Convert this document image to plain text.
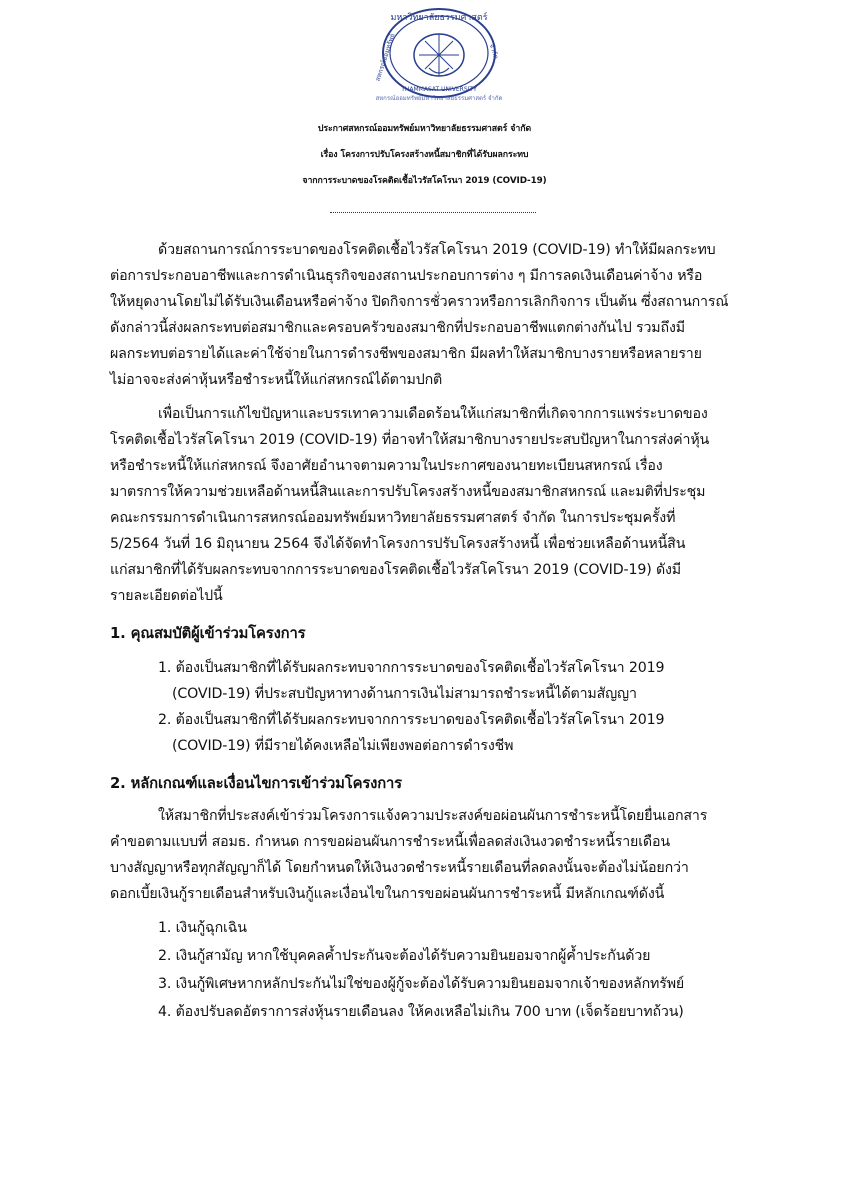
มหาวิทยาลัยธรรมศาสตร์
THAMMASAT UNIVERSITY
สหกรณ์ออมทรัพย์	จำกัด
สหกรณ์ออมทรัพย์มหาวิทยาลัยธรรมศาสตร์ จำกัด
ประกาศสหกรณ์ออมทรัพย์มหาวิทยาลัยธรรมศาสตร์ จำกัด
เรื่อง โครงการปรับโครงสร้างหนี้สมาชิกที่ได้รับผลกระทบ
จากการระบาดของโรคติดเชื้อไวรัสโคโรนา 2019 (COVID-19)
ด้วยสถานการณ์การระบาดของโรคติดเชื้อไวรัสโคโรนา 2019 (COVID-19) ทำให้มีผลกระทบ
ต่อการประกอบอาชีพและการดำเนินธุรกิจของสถานประกอบการต่าง ๆ มีการลดเงินเดือนค่าจ้าง หรือ
ให้หยุดงานโดยไม่ได้รับเงินเดือนหรือค่าจ้าง ปิดกิจการชั่วคราวหรือการเลิกกิจการ เป็นต้น ซึ่งสถานการณ์
ดังกล่าวนี้ส่งผลกระทบต่อสมาชิกและครอบครัวของสมาชิกที่ประกอบอาชีพแตกต่างกันไป รวมถึงมี
ผลกระทบต่อรายได้และค่าใช้จ่ายในการดำรงชีพของสมาชิก มีผลทำให้สมาชิกบางรายหรือหลายราย
ไม่อาจจะส่งค่าหุ้นหรือชำระหนี้ให้แก่สหกรณ์ได้ตามปกติ
เพื่อเป็นการแก้ไขปัญหาและบรรเทาความเดือดร้อนให้แก่สมาชิกที่เกิดจากการแพร่ระบาดของ
โรคติดเชื้อไวรัสโคโรนา 2019 (COVID-19) ที่อาจทำให้สมาชิกบางรายประสบปัญหาในการส่งค่าหุ้น
หรือชำระหนี้ให้แก่สหกรณ์ จึงอาศัยอำนาจตามความในประกาศของนายทะเบียนสหกรณ์ เรื่อง
มาตรการให้ความช่วยเหลือด้านหนี้สินและการปรับโครงสร้างหนี้ของสมาชิกสหกรณ์ และมติที่ประชุม
คณะกรรมการดำเนินการสหกรณ์ออมทรัพย์มหาวิทยาลัยธรรมศาสตร์ จำกัด ในการประชุมครั้งที่
5/2564 วันที่ 16 มิถุนายน 2564 จึงได้จัดทำโครงการปรับโครงสร้างหนี้ เพื่อช่วยเหลือด้านหนี้สิน
แก่สมาชิกที่ได้รับผลกระทบจากการระบาดของโรคติดเชื้อไวรัสโคโรนา 2019 (COVID-19) ดังมี
รายละเอียดต่อไปนี้
1. คุณสมบัติผู้เข้าร่วมโครงการ
1. ต้องเป็นสมาชิกที่ได้รับผลกระทบจากการระบาดของโรคติดเชื้อไวรัสโคโรนา 2019
(COVID-19) ที่ประสบปัญหาทางด้านการเงินไม่สามารถชำระหนี้ได้ตามสัญญา
2. ต้องเป็นสมาชิกที่ได้รับผลกระทบจากการระบาดของโรคติดเชื้อไวรัสโคโรนา 2019
(COVID-19) ที่มีรายได้คงเหลือไม่เพียงพอต่อการดำรงชีพ
2. หลักเกณฑ์และเงื่อนไขการเข้าร่วมโครงการ
ให้สมาชิกที่ประสงค์เข้าร่วมโครงการแจ้งความประสงค์ขอผ่อนผันการชำระหนี้โดยยื่นเอกสาร
คำขอตามแบบที่ สอมธ. กำหนด การขอผ่อนผันการชำระหนี้เพื่อลดส่งเงินงวดชำระหนี้รายเดือน
บางสัญญาหรือทุกสัญญาก็ได้ โดยกำหนดให้เงินงวดชำระหนี้รายเดือนที่ลดลงนั้นจะต้องไม่น้อยกว่า
ดอกเบี้ยเงินกู้รายเดือนสำหรับเงินกู้และเงื่อนไขในการขอผ่อนผันการชำระหนี้ มีหลักเกณฑ์ดังนี้
1. เงินกู้ฉุกเฉิน
2. เงินกู้สามัญ หากใช้บุคคลค้ำประกันจะต้องได้รับความยินยอมจากผู้ค้ำประกันด้วย
3. เงินกู้พิเศษหากหลักประกันไม่ใช่ของผู้กู้จะต้องได้รับความยินยอมจากเจ้าของหลักทรัพย์
4. ต้องปรับลดอัตราการส่งหุ้นรายเดือนลง ให้คงเหลือไม่เกิน 700 บาท (เจ็ดร้อยบาทถ้วน)
